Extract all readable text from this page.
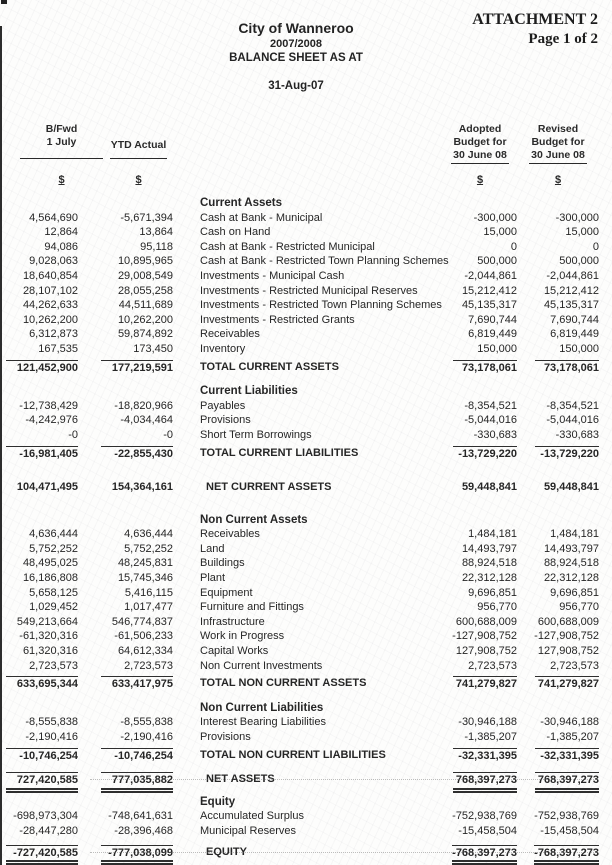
ATTACHMENT 2
Page 1 of 2
City of Wanneroo
2007/2008
BALANCE SHEET AS AT
31-Aug-07
B/Fwd
1 July	YTD Actual
Adopted
Budget for
30 June 08
Revised
Budget for
30 June 08
$	$	$	$
Current Assets
4,564,690	-5,671,394	Cash at Bank - Municipal	-300,000	-300,000
12,864	13,864	Cash on Hand	15,000	15,000
94,086	95,118	Cash at Bank - Restricted Municipal	0	0
9,028,063	10,895,965	Cash at Bank - Restricted Town Planning Schemes	500,000	500,000
18,640,854	29,008,549	Investments - Municipal Cash	-2,044,861	-2,044,861
28,107,102	28,055,258	Investments - Restricted Municipal Reserves	15,212,412	15,212,412
44,262,633	44,511,689	Investments - Restricted Town Planning Schemes	45,135,317	45,135,317
10,262,200	10,262,200	Investments - Restricted Grants	7,690,744	7,690,744
6,312,873	59,874,892	Receivables	6,819,449	6,819,449
167,535	173,450	Inventory	150,000	150,000
121,452,900	177,219,591	TOTAL CURRENT ASSETS	73,178,061	73,178,061
Current Liabilities
-12,738,429	-18,820,966	Payables	-8,354,521	-8,354,521
-4,242,976	-4,034,464	Provisions	-5,044,016	-5,044,016
-0	-0	Short Term Borrowings	-330,683	-330,683
-16,981,405	-22,855,430	TOTAL CURRENT LIABILITIES	-13,729,220	-13,729,220
104,471,495	154,364,161	NET CURRENT ASSETS	59,448,841	59,448,841
Non Current Assets
4,636,444	4,636,444	Receivables	1,484,181	1,484,181
5,752,252	5,752,252	Land	14,493,797	14,493,797
48,495,025	48,245,831	Buildings	88,924,518	88,924,518
16,186,808	15,745,346	Plant	22,312,128	22,312,128
5,658,125	5,416,115	Equipment	9,696,851	9,696,851
1,029,452	1,017,477	Furniture and Fittings	956,770	956,770
549,213,664	546,774,837	Infrastructure	600,688,009	600,688,009
-61,320,316	-61,506,233	Work in Progress	-127,908,752	-127,908,752
61,320,316	64,612,334	Capital Works	127,908,752	127,908,752
2,723,573	2,723,573	Non Current Investments	2,723,573	2,723,573
633,695,344	633,417,975	TOTAL NON CURRENT ASSETS	741,279,827	741,279,827
Non Current Liabilities
-8,555,838	-8,555,838	Interest Bearing Liabilities	-30,946,188	-30,946,188
-2,190,416	-2,190,416	Provisions	-1,385,207	-1,385,207
-10,746,254	-10,746,254	TOTAL NON CURRENT LIABILITIES	-32,331,395	-32,331,395
727,420,585	777,035,882	NET ASSETS	768,397,273	768,397,273
Equity
-698,973,304	-748,641,631	Accumulated Surplus	-752,938,769	-752,938,769
-28,447,280	-28,396,468	Municipal Reserves	-15,458,504	-15,458,504
-727,420,585	-777,038,099	EQUITY	-768,397,273	-768,397,273
